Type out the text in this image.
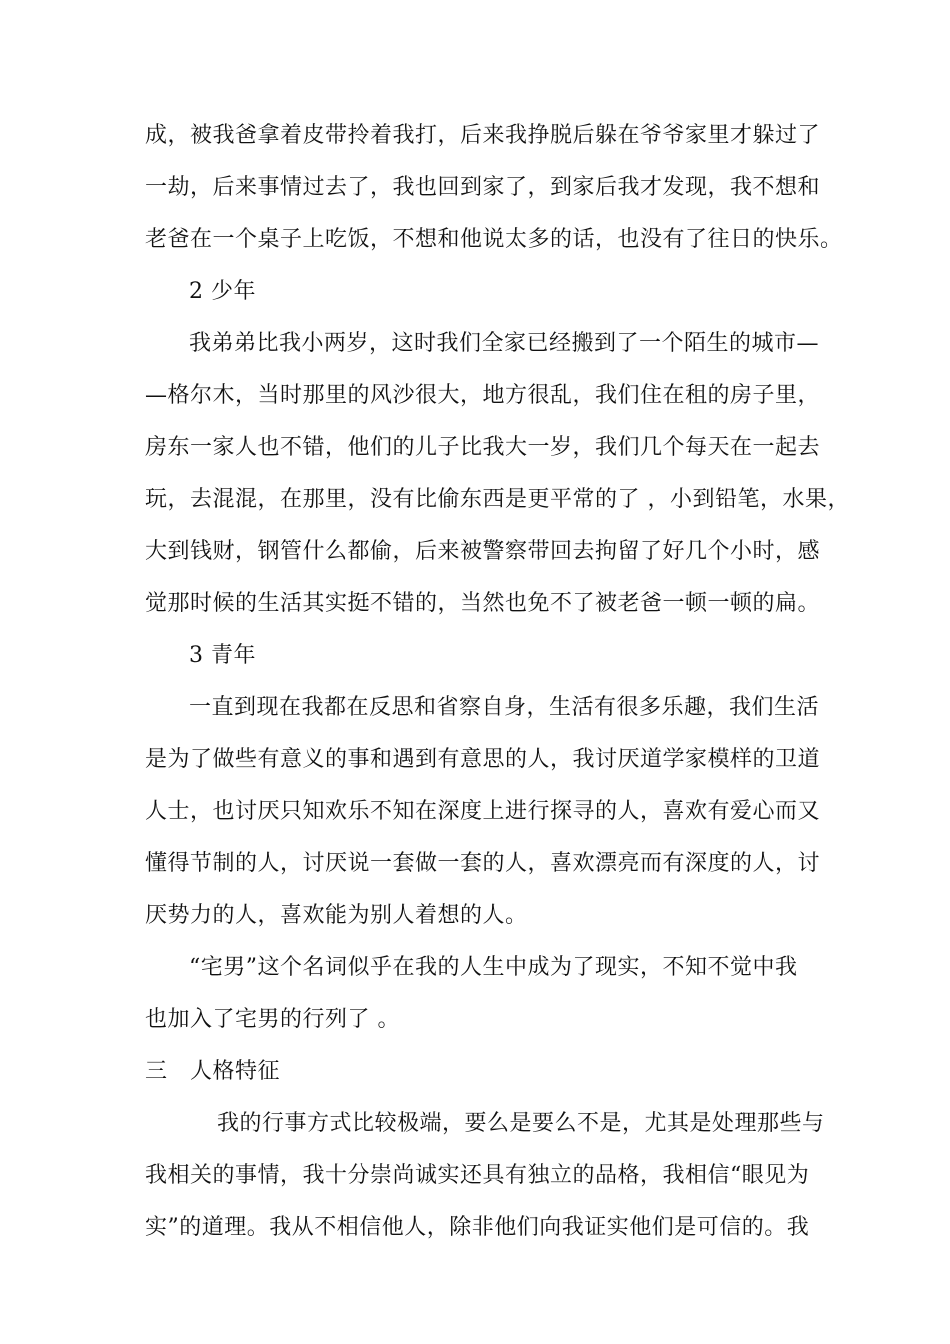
成，被我爸拿着皮带拎着我打，后来我挣脱后躲在爷爷家里才躲过了
一劫，后来事情过去了，我也回到家了，到家后我才发现，我不想和
老爸在一个桌子上吃饭，不想和他说太多的话，也没有了往日的快乐。
2 少年
我弟弟比我小两岁，这时我们全家已经搬到了一个陌生的城市—
—格尔木，当时那里的风沙很大，地方很乱，我们住在租的房子里，
房东一家人也不错，他们的儿子比我大一岁，我们几个每天在一起去
玩，去混混，在那里，没有比偷东西是更平常的了 ，小到铅笔，水果，
大到钱财，钢管什么都偷，后来被警察带回去拘留了好几个小时，感
觉那时候的生活其实挺不错的，当然也免不了被老爸一顿一顿的扁。
3 青年
一直到现在我都在反思和省察自身，生活有很多乐趣，我们生活
是为了做些有意义的事和遇到有意思的人，我讨厌道学家模样的卫道
人士，也讨厌只知欢乐不知在深度上进行探寻的人，喜欢有爱心而又
懂得节制的人，讨厌说一套做一套的人，喜欢漂亮而有深度的人，讨
厌势力的人，喜欢能为别人着想的人。
“宅男”这个名词似乎在我的人生中成为了现实，不知不觉中我
也加入了宅男的行列了 。
三　人格特征
我的行事方式比较极端，要么是要么不是，尤其是处理那些与
我相关的事情，我十分崇尚诚实还具有独立的品格，我相信“眼见为
实”的道理。我从不相信他人，除非他们向我证实他们是可信的。我
